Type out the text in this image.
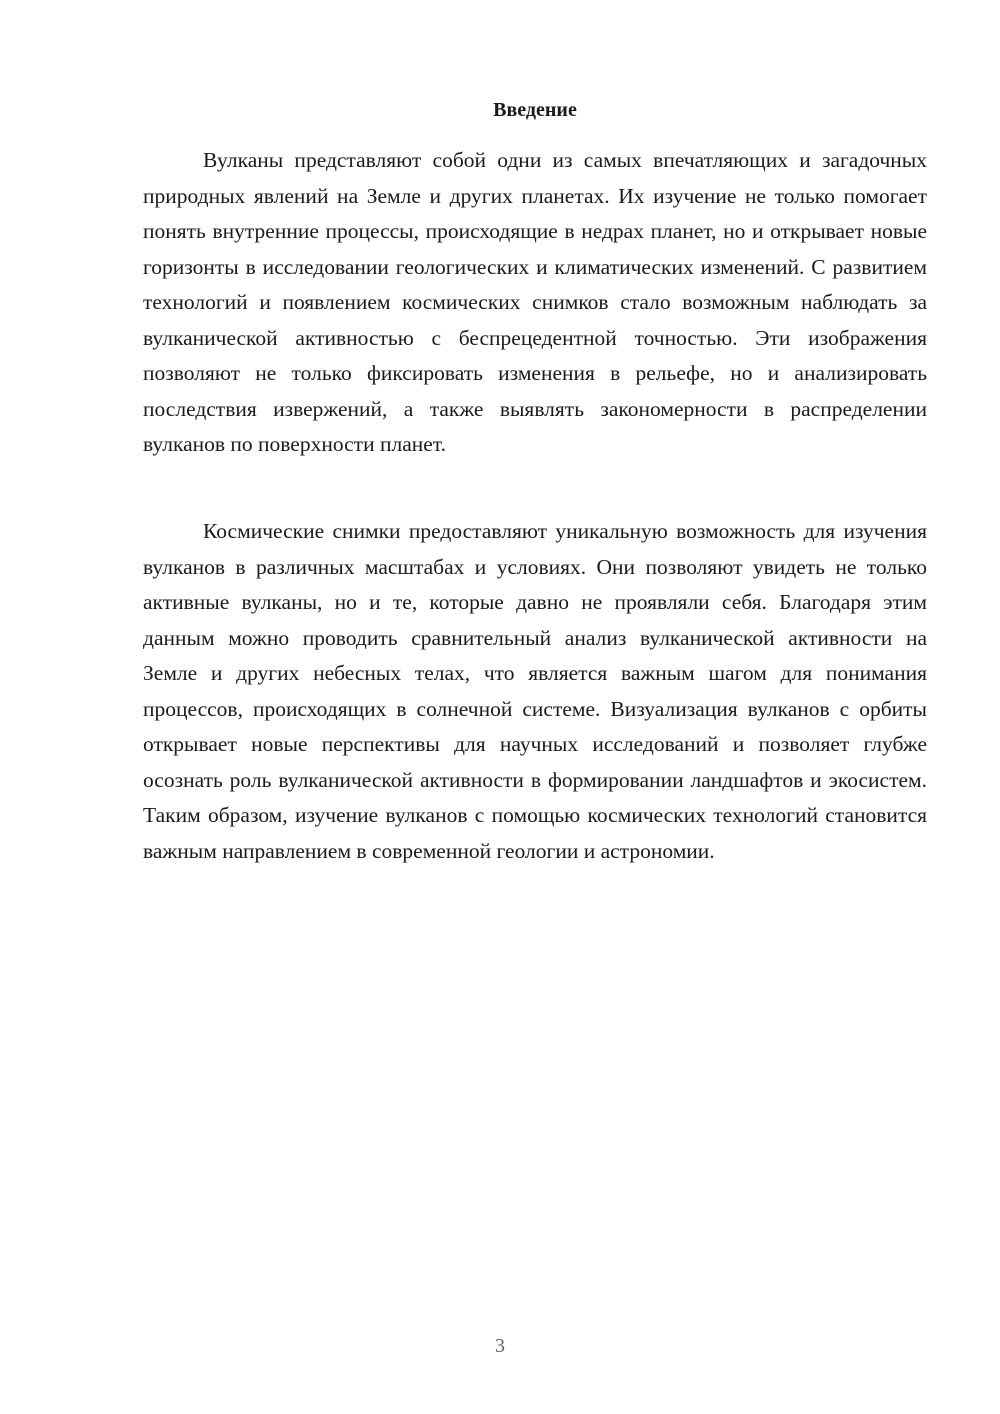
Введение

Вулканы представляют собой одни из самых впечатляющих и загадочных природных явлений на Земле и других планетах. Их изучение не только помогает понять внутренние процессы, происходящие в недрах планет, но и открывает новые горизонты в исследовании геологических и климатических изменений. С развитием технологий и появлением космических снимков стало возможным наблюдать за вулканической активностью с беспрецедентной точностью. Эти изображения позволяют не только фиксировать изменения в рельефе, но и анализировать последствия извержений, а также выявлять закономерности в распределении вулканов по поверхности планет.

Космические снимки предоставляют уникальную возможность для изучения вулканов в различных масштабах и условиях. Они позволяют увидеть не только активные вулканы, но и те, которые давно не проявляли себя. Благодаря этим данным можно проводить сравнительный анализ вулканической активности на Земле и других небесных телах, что является важным шагом для понимания процессов, происходящих в солнечной системе. Визуализация вулканов с орбиты открывает новые перспективы для научных исследований и позволяет глубже осознать роль вулканической активности в формировании ландшафтов и экосистем. Таким образом, изучение вулканов с помощью космических технологий становится важным направлением в современной геологии и астрономии.

3
